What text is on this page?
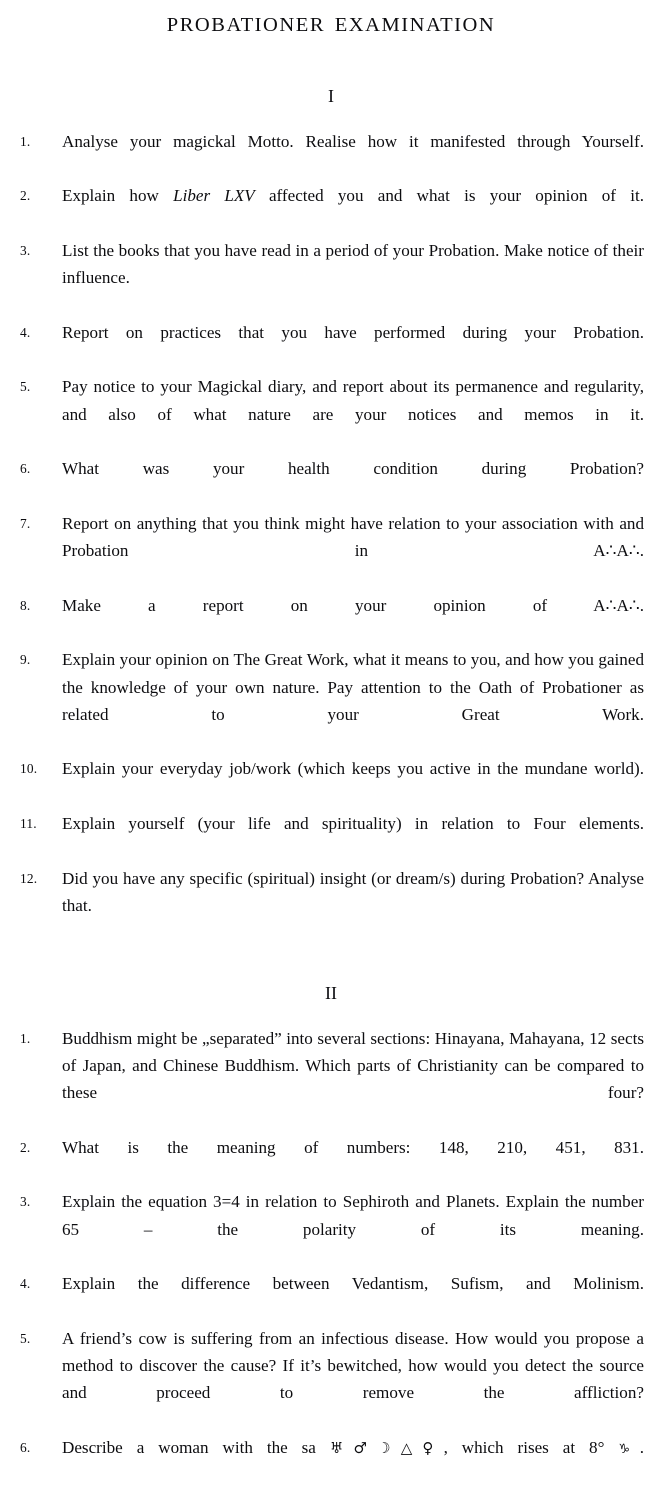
PROBATIONER EXAMINATION
I
1.	Analyse your magickal Motto. Realise how it manifested through Yourself.
2.	Explain how Liber LXV affected you and what is your opinion of it.
3.	List the books that you have read in a period of your Probation. Make notice of their influence.
4.	Report on practices that you have performed during your Probation.
5.	Pay notice to your Magickal diary, and report about its permanence and regularity, and also of what nature are your notices and memos in it.
6.	What was your health condition during Probation?
7.	Report on anything that you think might have relation to your association with and Probation in A∴A∴.
8.	Make a report on your opinion of A∴A∴.
9.	Explain your opinion on The Great Work, what it means to you, and how you gained the knowledge of your own nature. Pay attention to the Oath of Probationer as related to your Great Work.
10.	Explain your everyday job/work (which keeps you active in the mundane world).
11.	Explain yourself (your life and spirituality) in relation to Four elements.
12.	Did you have any specific (spiritual) insight (or dream/s) during Probation? Analyse that.
II
1.	Buddhism might be „separated” into several sections: Hinayana, Mahayana, 12 sects of Japan, and Chinese Buddhism. Which parts of Christianity can be compared to these four?
2.	What is the meaning of numbers: 148, 210, 451, 831.
3.	Explain the equation 3=4 in relation to Sephiroth and Planets. Explain the number 65 – the polarity of its meaning.
4.	Explain the difference between Vedantism, Sufism, and Molinism.
5.	A friend’s cow is suffering from an infectious disease. How would you propose a method to discover the cause? If it’s bewitched, how would you detect the source and proceed to remove the affliction?
6.	Describe a woman with the sa ♅♂☽△♀, which rises at 8° ♑.
